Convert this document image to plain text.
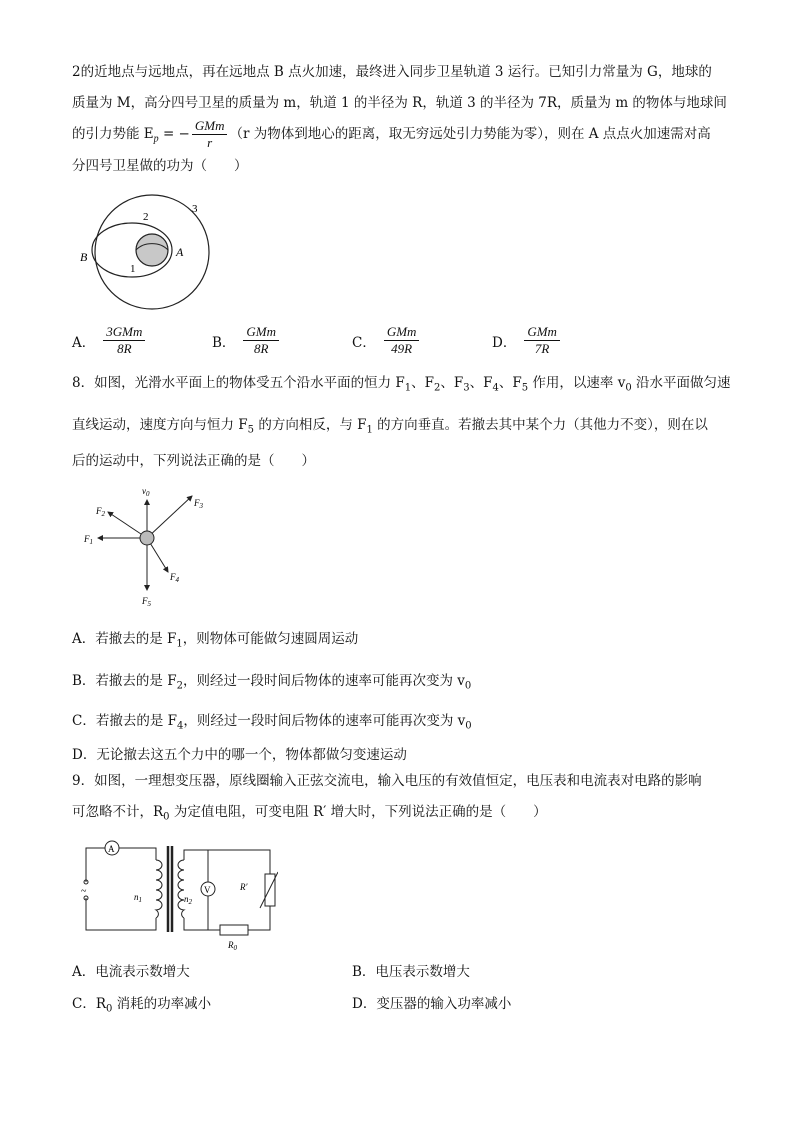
2的近地点与远地点，再在远地点 B 点火加速，最终进入同步卫星轨道 3 运行。已知引力常量为 G，地球的
质量为 M，高分四号卫星的质量为 m，轨道 1 的半径为 R，轨道 3 的半径为 7R，质量为 m 的物体与地球间
的引力势能 $E_p$ = − $\frac{\text{GMm}}{r} (r$ 为物体到地心的距离，取无穷远处引力势能为零），则在 A 点点火加速需对高
分四号卫星做的功为（　　）
B	A
1
2
3
A． $\frac{\text{3GMm}}{8R}$	B． $\frac{\text{GMm}}{8R}$	C． $\frac{\text{GMm}}{49R}$	D． $\frac{\text{GMm}}{7R}$
8．如图，光滑水平面上的物体受五个沿水平面的恒力 $F_1$、$F_2$、$F_3$、$F_4$、$F_5$ 作用，以速率 $v_0$ 沿水平面做匀速
直线运动，速度方向与恒力 $F_5$ 的方向相反，与 $F_1$ 的方向垂直。若撤去其中某个力（其他力不变），则在以
后的运动中，下列说法正确的是（　　）
$v_0$
$F_3$
$F_2$
$F_1$
$F_4$
$F_5$
A．若撤去的是 $F_1$，则物体可能做匀速圆周运动
B．若撤去的是 $F_2$，则经过一段时间后物体的速率可能再次变为 $v_0$
C．若撤去的是 $F_4$，则经过一段时间后物体的速率可能再次变为 $v_0$
D．无论撤去这五个力中的哪一个，物体都做匀变速运动
9．如图，一理想变压器，原线圈输入正弦交流电，输入电压的有效值恒定，电压表和电流表对电路的影响
可忽略不计，$R_0$ 为定值电阻，可变电阻 R′ 增大时，下列说法正确的是（　　）
~
A
$n_1$	$n_2$
$R_0$
V	R′
A．电流表示数增大	B．电压表示数增大
C．$R_0$ 消耗的功率减小	D．变压器的输入功率减小
